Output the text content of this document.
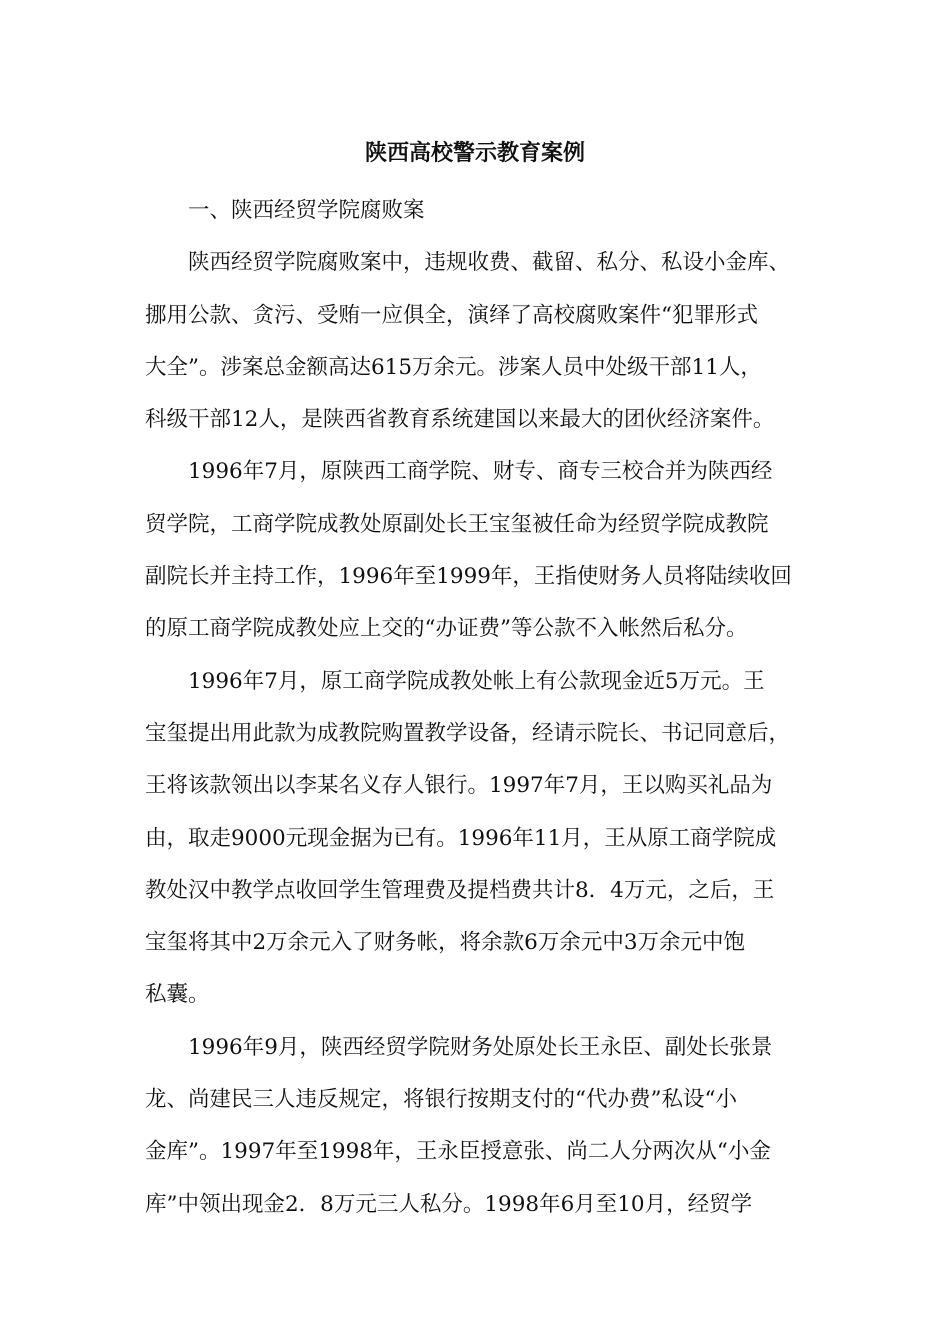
陕西高校警示教育案例
一、陕西经贸学院腐败案
陕西经贸学院腐败案中，违规收费、截留、私分、私设小金库、
挪用公款、贪污、受贿一应俱全，演绎了高校腐败案件“犯罪形式
大全”。涉案总金额高达615万余元。涉案人员中处级干部11人，
科级干部12人，是陕西省教育系统建国以来最大的团伙经济案件。
1996年7月，原陕西工商学院、财专、商专三校合并为陕西经
贸学院，工商学院成教处原副处长王宝玺被任命为经贸学院成教院
副院长并主持工作，1996年至1999年，王指使财务人员将陆续收回
的原工商学院成教处应上交的“办证费”等公款不入帐然后私分。
1996年7月，原工商学院成教处帐上有公款现金近5万元。王
宝玺提出用此款为成教院购置教学设备，经请示院长、书记同意后，
王将该款领出以李某名义存人银行。1997年7月，王以购买礼品为
由，取走9000元现金据为已有。1996年11月，王从原工商学院成
教处汉中教学点收回学生管理费及提档费共计8．4万元，之后，王
宝玺将其中2万余元入了财务帐，将余款6万余元中3万余元中饱
私囊。
1996年9月，陕西经贸学院财务处原处长王永臣、副处长张景
龙、尚建民三人违反规定，将银行按期支付的“代办费”私设“小
金库”。1997年至1998年，王永臣授意张、尚二人分两次从“小金
库”中领出现金2．8万元三人私分。1998年6月至10月，经贸学
